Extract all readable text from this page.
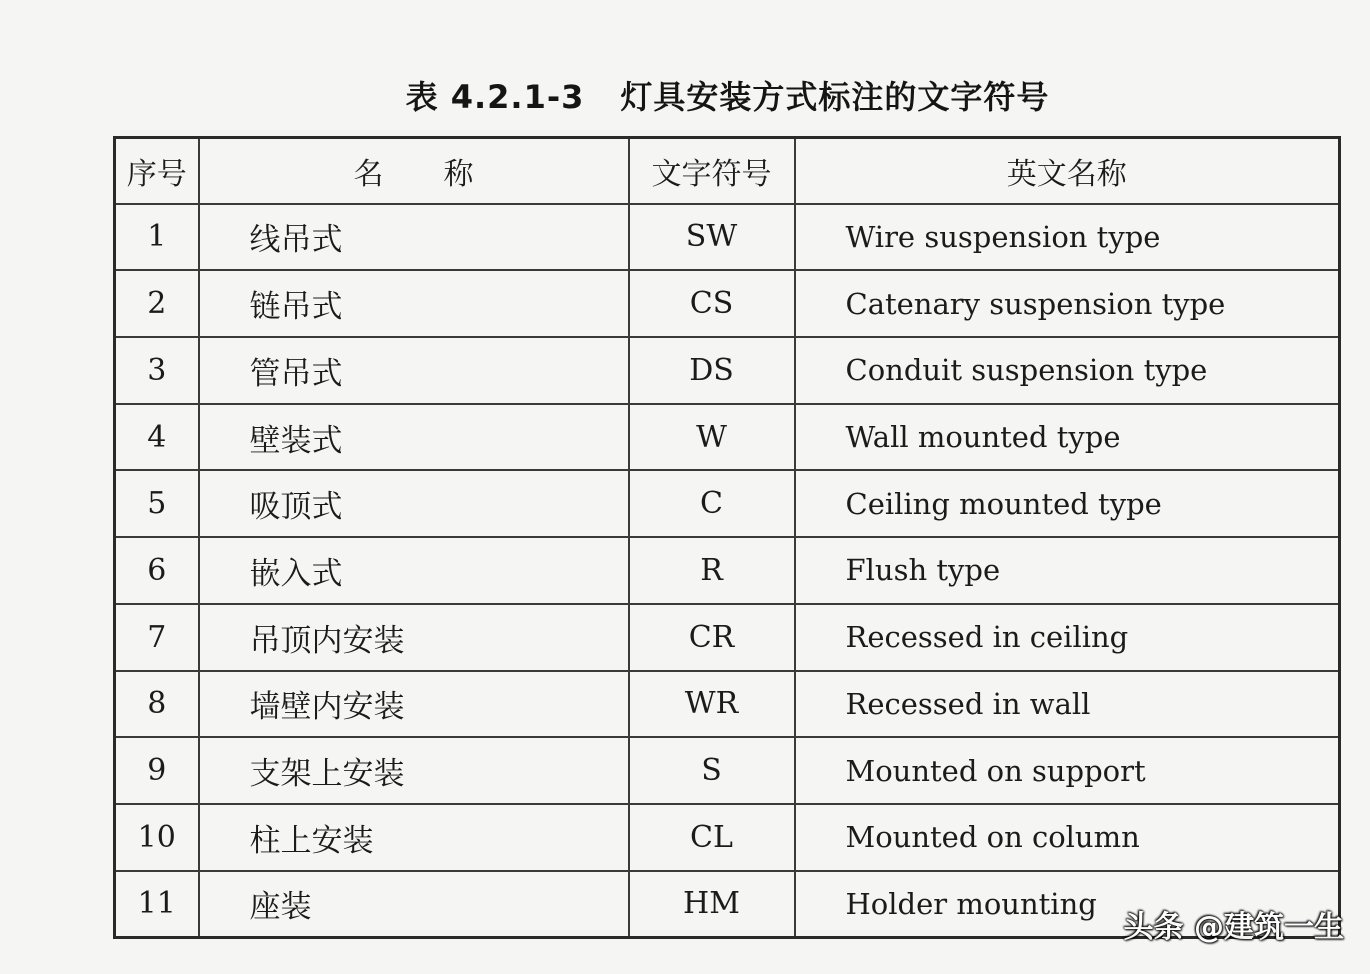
表 4.2.1-3 灯具安装方式标注的文字符号
序号	名　　称	文字符号	英文名称
1	线吊式	SW	Wire suspension type
2	链吊式	CS	Catenary suspension type
3	管吊式	DS	Conduit suspension type
4	壁装式	W	Wall mounted type
5	吸顶式	C	Ceiling mounted type
6	嵌入式	R	Flush type
7	吊顶内安装	CR	Recessed in ceiling
8	墙壁内安装	WR	Recessed in wall
9	支架上安装	S	Mounted on support
10	柱上安装	CL	Mounted on column
11	座装	HM	Holder mounting
头条 @建筑一生
